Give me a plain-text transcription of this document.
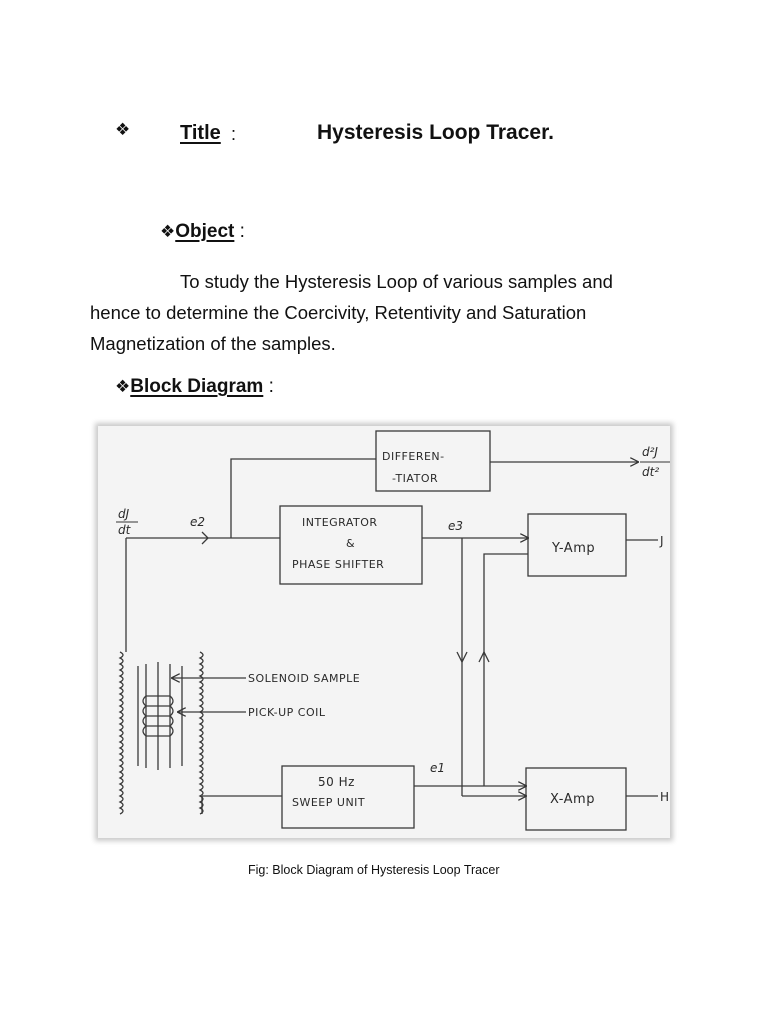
❖ Title :	Hysteresis Loop Tracer.
❖Object :
To study the Hysteresis Loop of various samples and
hence to determine the Coercivity, Retentivity and Saturation
Magnetization of the samples.
❖Block Diagram :
DIFFEREN-
-TIATOR
INTEGRATOR
&
PHASE SHIFTER
Y-Amp
X-Amp
50 Hz
SWEEP UNIT
SOLENOID SAMPLE
PICK-UP COIL
dJ
dt
d²J
dt²
e2	e3
e1
J
H
Fig: Block Diagram of Hysteresis Loop Tracer
